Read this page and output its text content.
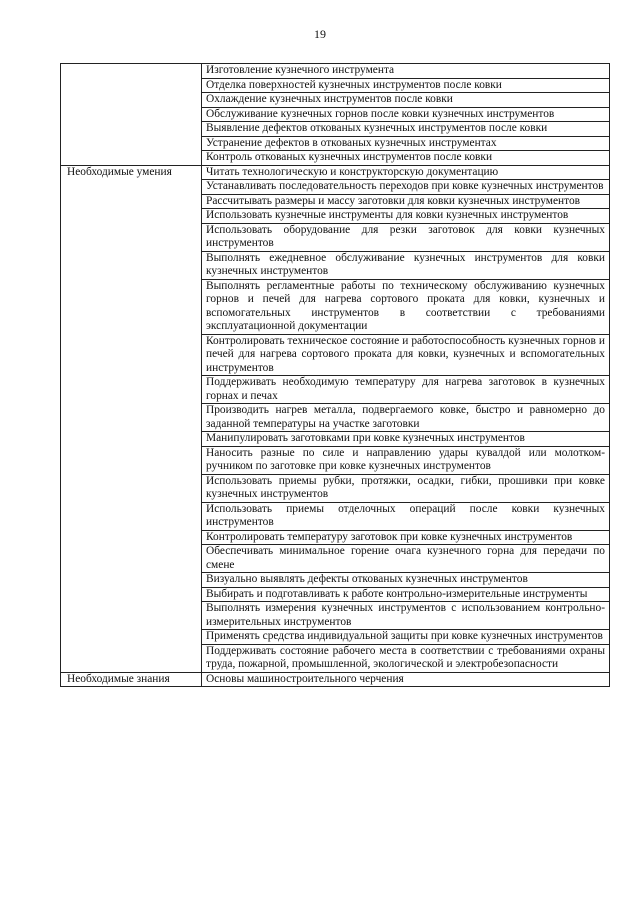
19
	Изготовление кузнечного инструмента
	Отделка поверхностей кузнечных инструментов после ковки
	Охлаждение кузнечных инструментов после ковки
	Обслуживание кузнечных горнов после ковки кузнечных инструментов
	Выявление дефектов откованых кузнечных инструментов после ковки
	Устранение дефектов в откованых кузнечных инструментах
	Контроль откованых кузнечных инструментов после ковки
Необходимые умения	Читать технологическую и конструкторскую документацию
	Устанавливать последовательность переходов при ковке кузнечных инструментов
	Рассчитывать размеры и массу заготовки для ковки кузнечных инструментов
	Использовать кузнечные инструменты для ковки кузнечных инструментов
	Использовать оборудование для резки заготовок для ковки кузнечных инструментов
	Выполнять ежедневное обслуживание кузнечных инструментов для ковки кузнечных инструментов
	Выполнять регламентные работы по техническому обслуживанию кузнечных горнов и печей для нагрева сортового проката для ковки, кузнечных и вспомогательных инструментов в соответствии с требованиями эксплуатационной документации
	Контролировать техническое состояние и работоспособность кузнечных горнов и печей для нагрева сортового проката для ковки, кузнечных и вспомогательных инструментов
	Поддерживать необходимую температуру для нагрева заготовок в кузнечных горнах и печах
	Производить нагрев металла, подвергаемого ковке, быстро и равномерно до заданной температуры на участке заготовки
	Манипулировать заготовками при ковке кузнечных инструментов
	Наносить разные по силе и направлению удары кувалдой или молотком-ручником по заготовке при ковке кузнечных инструментов
	Использовать приемы рубки, протяжки, осадки, гибки, прошивки при ковке кузнечных инструментов
	Использовать приемы отделочных операций после ковки кузнечных инструментов
	Контролировать температуру заготовок при ковке кузнечных инструментов
	Обеспечивать минимальное горение очага кузнечного горна для передачи по смене
	Визуально выявлять дефекты откованых кузнечных инструментов
	Выбирать и подготавливать к работе контрольно-измерительные инструменты
	Выполнять измерения кузнечных инструментов с использованием контрольно-измерительных инструментов
	Применять средства индивидуальной защиты при ковке кузнечных инструментов
	Поддерживать состояние рабочего места в соответствии с требованиями охраны труда, пожарной, промышленной, экологической и электробезопасности
Необходимые знания	Основы машиностроительного черчения
